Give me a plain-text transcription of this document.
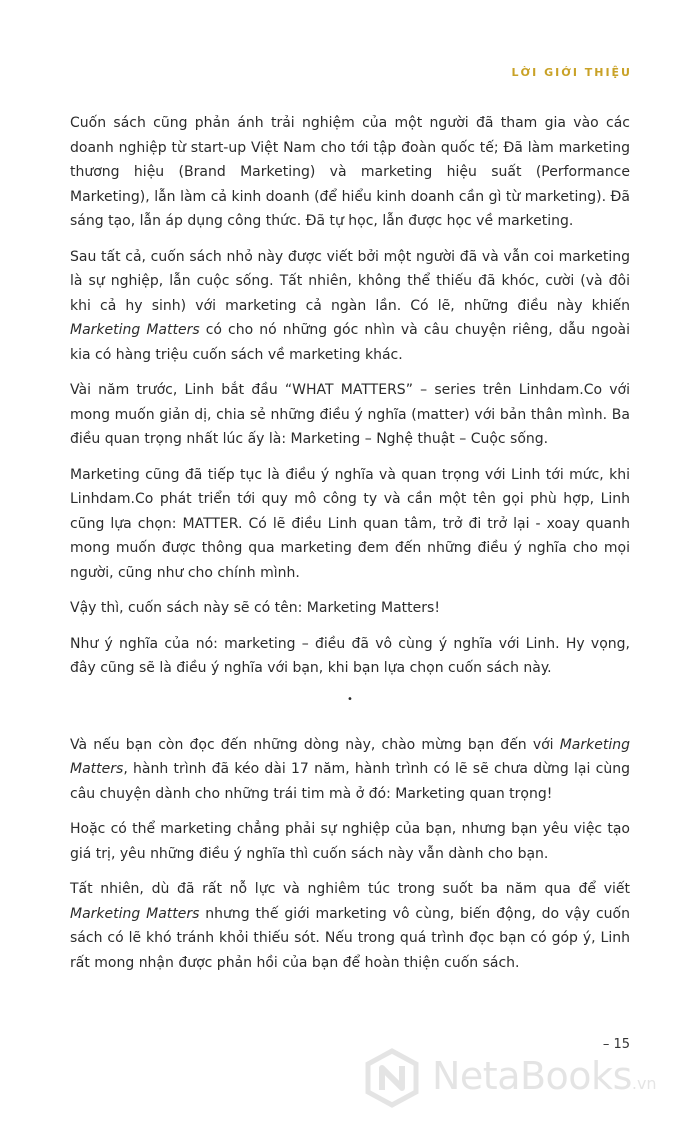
LỜI GIỚI THIỆU

Cuốn sách cũng phản ánh trải nghiệm của một người đã tham gia vào các doanh nghiệp từ start-up Việt Nam cho tới tập đoàn quốc tế; Đã làm marketing thương hiệu (Brand Marketing) và marketing hiệu suất (Performance Marketing), lẫn làm cả kinh doanh (để hiểu kinh doanh cần gì từ marketing). Đã sáng tạo, lẫn áp dụng công thức. Đã tự học, lẫn được học về marketing.

Sau tất cả, cuốn sách nhỏ này được viết bởi một người đã và vẫn coi marketing là sự nghiệp, lẫn cuộc sống. Tất nhiên, không thể thiếu đã khóc, cười (và đôi khi cả hy sinh) với marketing cả ngàn lần. Có lẽ, những điều này khiến Marketing Matters có cho nó những góc nhìn và câu chuyện riêng, dẫu ngoài kia có hàng triệu cuốn sách về marketing khác.

Vài năm trước, Linh bắt đầu “WHAT MATTERS” – series trên Linhdam.Co với mong muốn giản dị, chia sẻ những điều ý nghĩa (matter) với bản thân mình. Ba điều quan trọng nhất lúc ấy là: Marketing – Nghệ thuật – Cuộc sống.

Marketing cũng đã tiếp tục là điều ý nghĩa và quan trọng với Linh tới mức, khi Linhdam.Co phát triển tới quy mô công ty và cần một tên gọi phù hợp, Linh cũng lựa chọn: MATTER. Có lẽ điều Linh quan tâm, trở đi trở lại - xoay quanh mong muốn được thông qua marketing đem đến những điều ý nghĩa cho mọi người, cũng như cho chính mình.

Vậy thì, cuốn sách này sẽ có tên: Marketing Matters!

Như ý nghĩa của nó: marketing – điều đã vô cùng ý nghĩa với Linh. Hy vọng, đây cũng sẽ là điều ý nghĩa với bạn, khi bạn lựa chọn cuốn sách này.

•

Và nếu bạn còn đọc đến những dòng này, chào mừng bạn đến với Marketing Matters, hành trình đã kéo dài 17 năm, hành trình có lẽ sẽ chưa dừng lại cùng câu chuyện dành cho những trái tim mà ở đó: Marketing quan trọng!

Hoặc có thể marketing chẳng phải sự nghiệp của bạn, nhưng bạn yêu việc tạo giá trị, yêu những điều ý nghĩa thì cuốn sách này vẫn dành cho bạn.

Tất nhiên, dù đã rất nỗ lực và nghiêm túc trong suốt ba năm qua để viết Marketing Matters nhưng thế giới marketing vô cùng, biến động, do vậy cuốn sách có lẽ khó tránh khỏi thiếu sót. Nếu trong quá trình đọc bạn có góp ý, Linh rất mong nhận được phản hồi của bạn để hoàn thiện cuốn sách.

– 15
NetaBooks.vn
